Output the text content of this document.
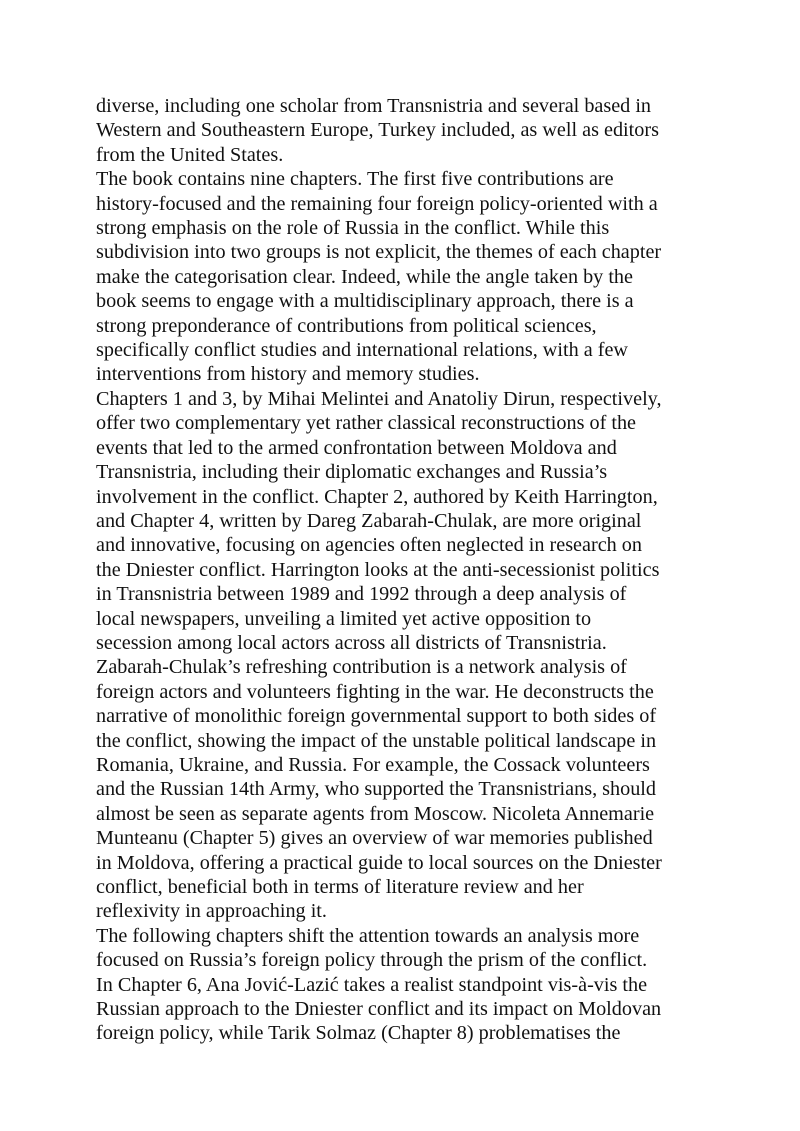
diverse, including one scholar from Transnistria and several based in
Western and Southeastern Europe, Turkey included, as well as editors
from the United States.
The book contains nine chapters. The first five contributions are
history-focused and the remaining four foreign policy-oriented with a
strong emphasis on the role of Russia in the conflict. While this
subdivision into two groups is not explicit, the themes of each chapter
make the categorisation clear. Indeed, while the angle taken by the
book seems to engage with a multidisciplinary approach, there is a
strong preponderance of contributions from political sciences,
specifically conflict studies and international relations, with a few
interventions from history and memory studies.
Chapters 1 and 3, by Mihai Melintei and Anatoliy Dirun, respectively,
offer two complementary yet rather classical reconstructions of the
events that led to the armed confrontation between Moldova and
Transnistria, including their diplomatic exchanges and Russia’s
involvement in the conflict. Chapter 2, authored by Keith Harrington,
and Chapter 4, written by Dareg Zabarah-Chulak, are more original
and innovative, focusing on agencies often neglected in research on
the Dniester conflict. Harrington looks at the anti-secessionist politics
in Transnistria between 1989 and 1992 through a deep analysis of
local newspapers, unveiling a limited yet active opposition to
secession among local actors across all districts of Transnistria.
Zabarah-Chulak’s refreshing contribution is a network analysis of
foreign actors and volunteers fighting in the war. He deconstructs the
narrative of monolithic foreign governmental support to both sides of
the conflict, showing the impact of the unstable political landscape in
Romania, Ukraine, and Russia. For example, the Cossack volunteers
and the Russian 14th Army, who supported the Transnistrians, should
almost be seen as separate agents from Moscow. Nicoleta Annemarie
Munteanu (Chapter 5) gives an overview of war memories published
in Moldova, offering a practical guide to local sources on the Dniester
conflict, beneficial both in terms of literature review and her
reflexivity in approaching it.
The following chapters shift the attention towards an analysis more
focused on Russia’s foreign policy through the prism of the conflict.
In Chapter 6, Ana Jović-Lazić takes a realist standpoint vis-à-vis the
Russian approach to the Dniester conflict and its impact on Moldovan
foreign policy, while Tarik Solmaz (Chapter 8) problematises the
